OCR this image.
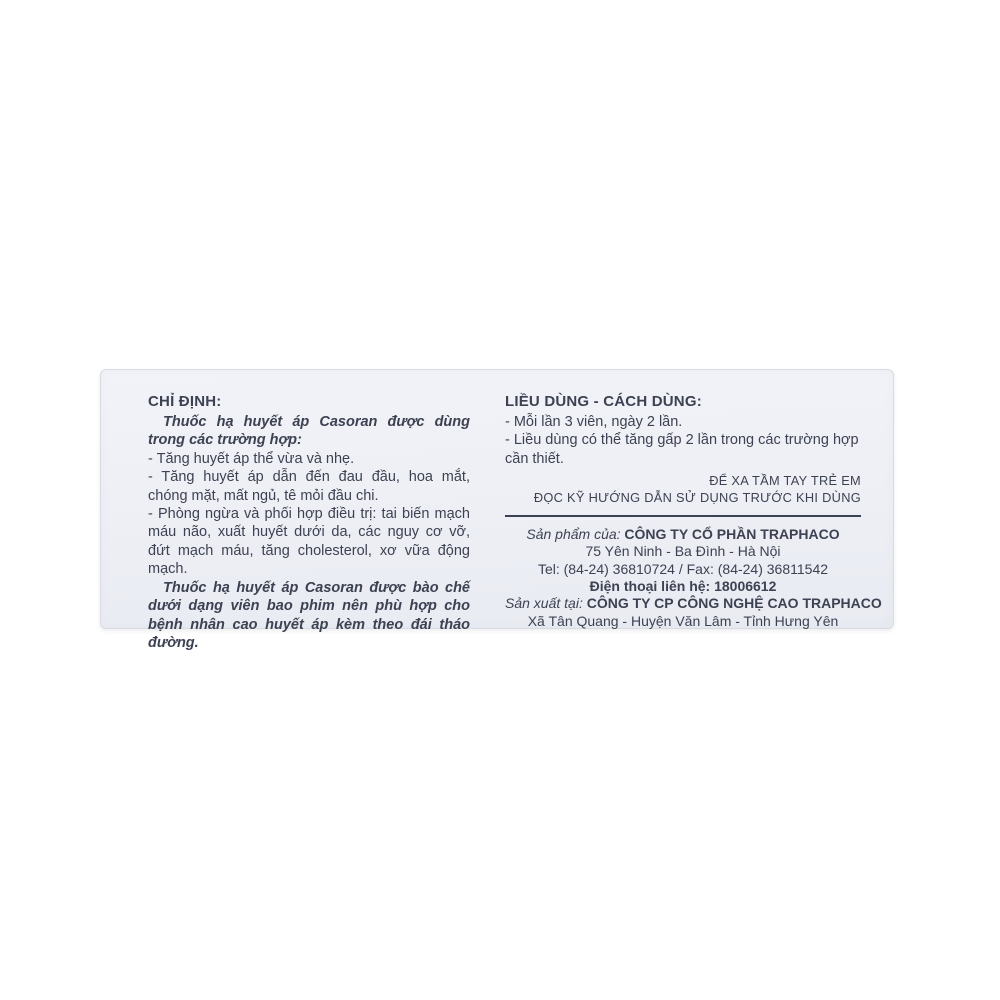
CHỈ ĐỊNH:

Thuốc hạ huyết áp Casoran được dùng trong các trường hợp:

- Tăng huyết áp thể vừa và nhẹ.

- Tăng huyết áp dẫn đến đau đầu, hoa mắt, chóng mặt, mất ngủ, tê mỏi đầu chi.

- Phòng ngừa và phối hợp điều trị: tai biến mạch máu não, xuất huyết dưới da, các nguy cơ vỡ, đứt mạch máu, tăng cholesterol, xơ vữa động mạch.

Thuốc hạ huyết áp Casoran được bào chế dưới dạng viên bao phim nên phù hợp cho bệnh nhân cao huyết áp kèm theo đái tháo đường.

LIỀU DÙNG - CÁCH DÙNG:

- Mỗi lần 3 viên, ngày 2 lần.

- Liều dùng có thể tăng gấp 2 lần trong các trường hợp cần thiết.

ĐỂ XA TẦM TAY TRẺ EM

ĐỌC KỸ HƯỚNG DẪN SỬ DỤNG TRƯỚC KHI DÙNG

Sản phẩm của: CÔNG TY CỔ PHẦN TRAPHACO

75 Yên Ninh - Ba Đình - Hà Nội

Tel: (84-24) 36810724 / Fax: (84-24) 36811542

Điện thoại liên hệ: 18006612

Sản xuất tại: CÔNG TY CP CÔNG NGHỆ CAO TRAPHACO

Xã Tân Quang - Huyện Văn Lâm - Tỉnh Hưng Yên
